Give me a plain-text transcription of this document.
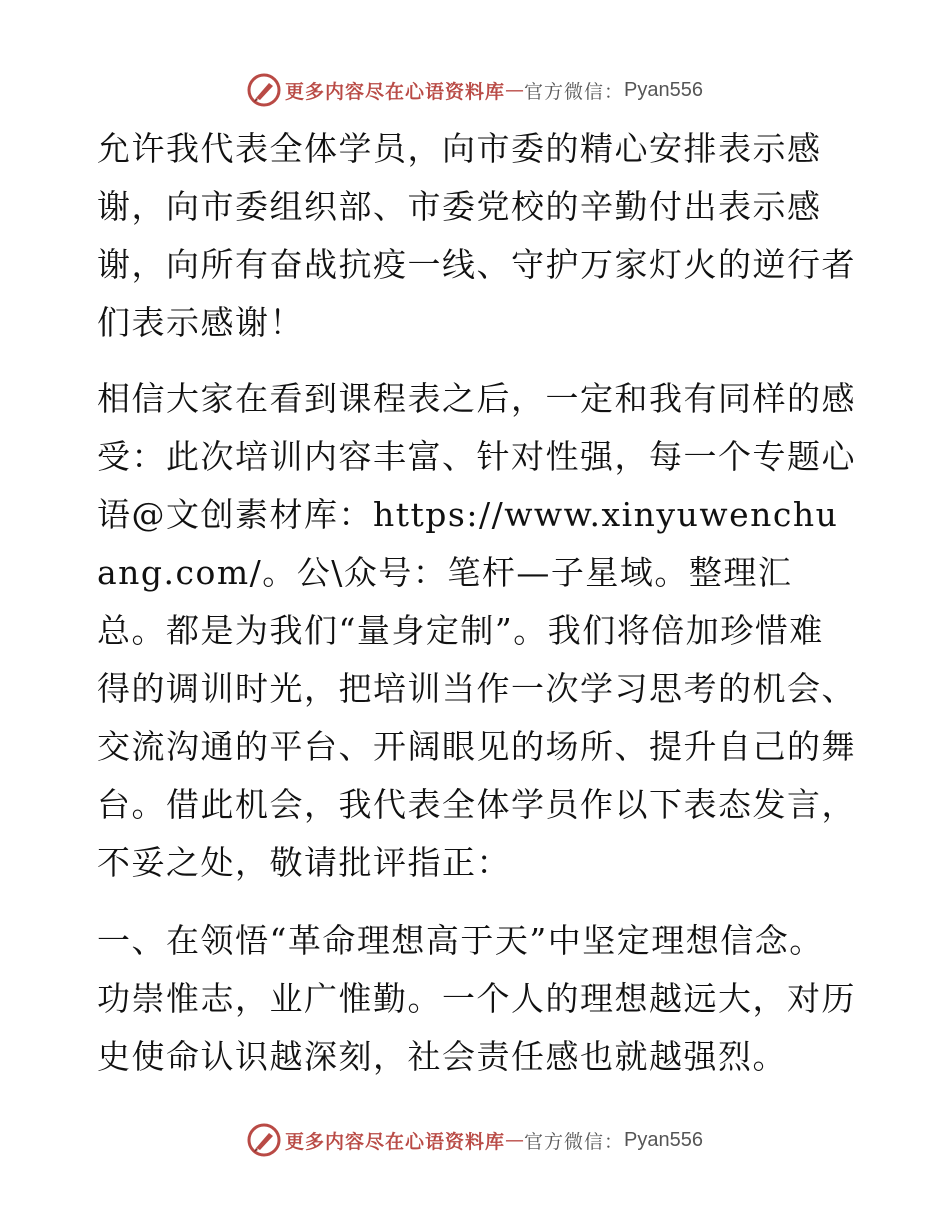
更多内容尽在心语资料库 — 官方微信： Pyan556

允许我代表全体学员，向市委的精心安排表示感谢，向市委组织部、市委党校的辛勤付出表示感谢，向所有奋战抗疫一线、守护万家灯火的逆行者们表示感谢！

相信大家在看到课程表之后，一定和我有同样的感受：此次培训内容丰富、针对性强，每一个专题心语@文创素材库：https://www.xinyuwenchuang.com/。公\众号：笔杆—子星域。整理汇总。都是为我们“量身定制”。我们将倍加珍惜难得的调训时光，把培训当作一次学习思考的机会、交流沟通的平台、开阔眼见的场所、提升自己的舞台。借此机会，我代表全体学员作以下表态发言，不妥之处，敬请批评指正：

一、在领悟“革命理想高于天”中坚定理想信念。功崇惟志，业广惟勤。一个人的理想越远大，对历史使命认识越深刻，社会责任感也就越强烈。

更多内容尽在心语资料库 — 官方微信： Pyan556
